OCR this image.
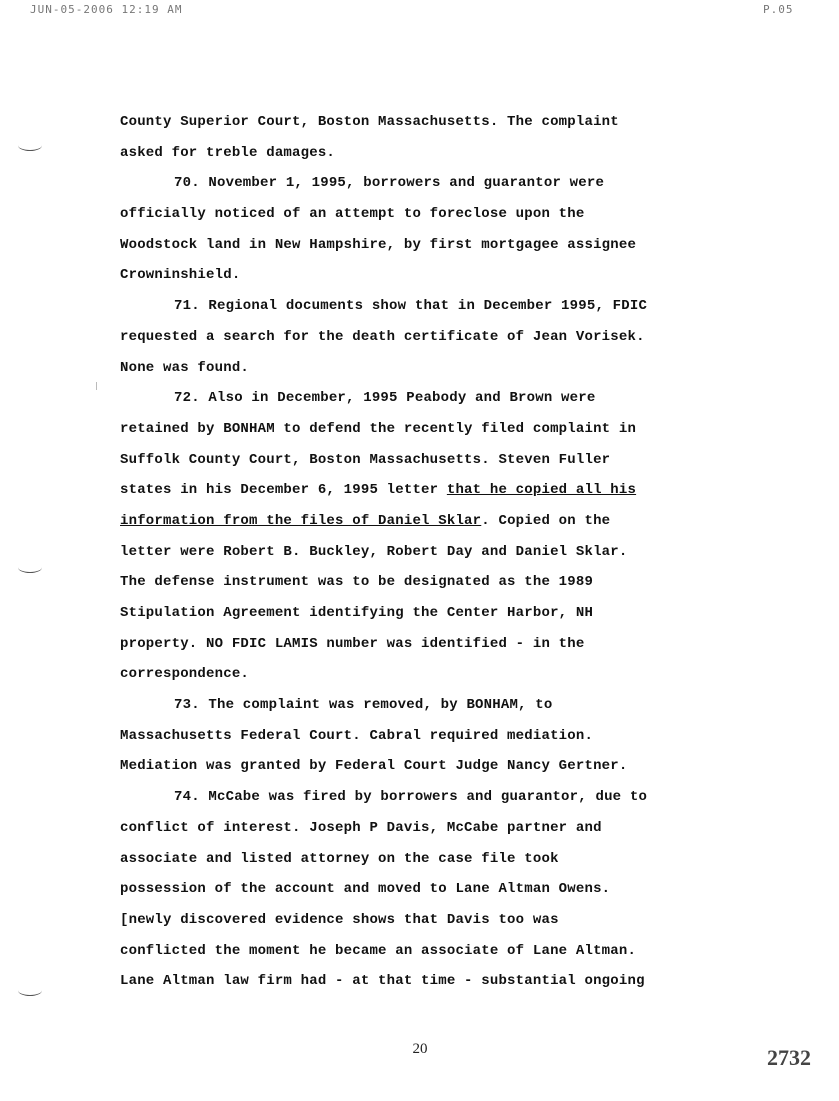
JUN-05-2006 12:19 AM	P.05
County Superior Court, Boston Massachusetts. The complaint
asked for treble damages.
70. November 1, 1995, borrowers and guarantor were
officially noticed of an attempt to foreclose upon the
Woodstock land in New Hampshire, by first mortgagee assignee
Crowninshield.
71. Regional documents show that in December 1995, FDIC
requested a search for the death certificate of Jean Vorisek.
None was found.
72. Also in December, 1995 Peabody and Brown were
retained by BONHAM to defend the recently filed complaint in
Suffolk County Court, Boston Massachusetts. Steven Fuller
states in his December 6, 1995 letter that he copied all his
information from the files of Daniel Sklar. Copied on the
letter were Robert B. Buckley, Robert Day and Daniel Sklar.
The defense instrument was to be designated as the 1989
Stipulation Agreement identifying the Center Harbor, NH
property. NO FDIC LAMIS number was identified - in the
correspondence.
73. The complaint was removed, by BONHAM, to
Massachusetts Federal Court. Cabral required mediation.
Mediation was granted by Federal Court Judge Nancy Gertner.
74. McCabe was fired by borrowers and guarantor, due to
conflict of interest. Joseph P Davis, McCabe partner and
associate and listed attorney on the case file took
possession of the account and moved to Lane Altman Owens.
[newly discovered evidence shows that Davis too was
conflicted the moment he became an associate of Lane Altman.
Lane Altman law firm had - at that time - substantial ongoing
20	2732
